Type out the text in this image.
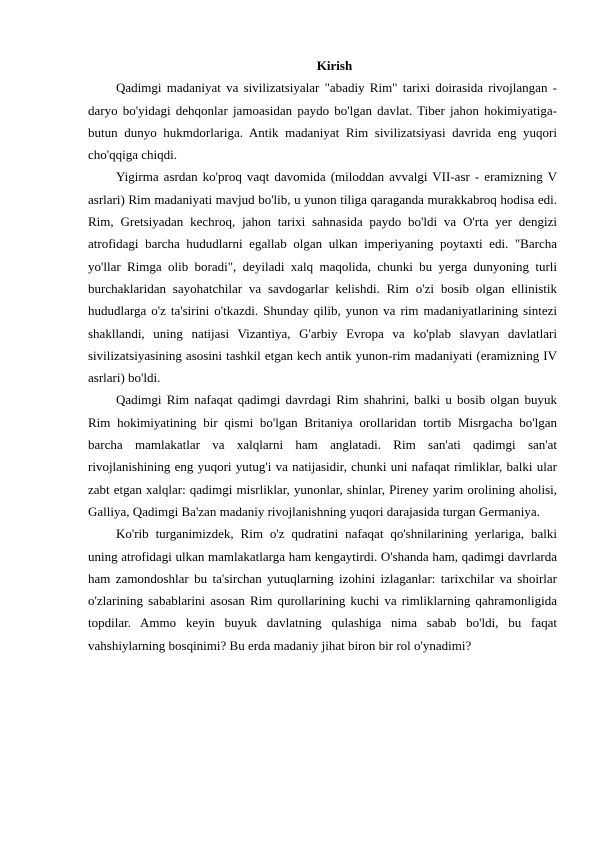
Kirish

Qadimgi madaniyat va sivilizatsiyalar "abadiy Rim" tarixi doirasida rivojlangan - daryo bo'yidagi dehqonlar jamoasidan paydo bo'lgan davlat. Tiber jahon hokimiyatiga-butun dunyo hukmdorlariga. Antik madaniyat Rim sivilizatsiyasi davrida eng yuqori cho'qqiga chiqdi.

Yigirma asrdan ko'proq vaqt davomida (miloddan avvalgi VII-asr - eramizning V asrlari) Rim madaniyati mavjud bo'lib, u yunon tiliga qaraganda murakkabroq hodisa edi. Rim, Gretsiyadan kechroq, jahon tarixi sahnasida paydo bo'ldi va O'rta yer dengizi atrofidagi barcha hududlarni egallab olgan ulkan imperiyaning poytaxti edi. "Barcha yo'llar Rimga olib boradi", deyiladi xalq maqolida, chunki bu yerga dunyoning turli burchaklaridan sayohatchilar va savdogarlar kelishdi. Rim o'zi bosib olgan ellinistik hududlarga o'z ta'sirini o'tkazdi. Shunday qilib, yunon va rim madaniyatlarining sintezi shakllandi, uning natijasi Vizantiya, G'arbiy Evropa va ko'plab slavyan davlatlari sivilizatsiyasining asosini tashkil etgan kech antik yunon-rim madaniyati (eramizning IV asrlari) bo'ldi.

Qadimgi Rim nafaqat qadimgi davrdagi Rim shahrini, balki u bosib olgan buyuk Rim hokimiyatining bir qismi bo'lgan Britaniya orollaridan tortib Misrgacha bo'lgan barcha mamlakatlar va xalqlarni ham anglatadi. Rim san'ati qadimgi san'at rivojlanishining eng yuqori yutug'i va natijasidir, chunki uni nafaqat rimliklar, balki ular zabt etgan xalqlar: qadimgi misrliklar, yunonlar, shinlar, Pireney yarim orolining aholisi, Galliya, Qadimgi Ba'zan madaniy rivojlanishning yuqori darajasida turgan Germaniya.

Ko'rib turganimizdek, Rim o'z qudratini nafaqat qo'shnilarining yerlariga, balki uning atrofidagi ulkan mamlakatlarga ham kengaytirdi. O'shanda ham, qadimgi davrlarda ham zamondoshlar bu ta'sirchan yutuqlarning izohini izlaganlar: tarixchilar va shoirlar o'zlarining sabablarini asosan Rim qurollarining kuchi va rimliklarning qahramonligida topdilar. Ammo keyin buyuk davlatning qulashiga nima sabab bo'ldi, bu faqat vahshiylarning bosqinimi? Bu erda madaniy jihat biron bir rol o'ynadimi?
